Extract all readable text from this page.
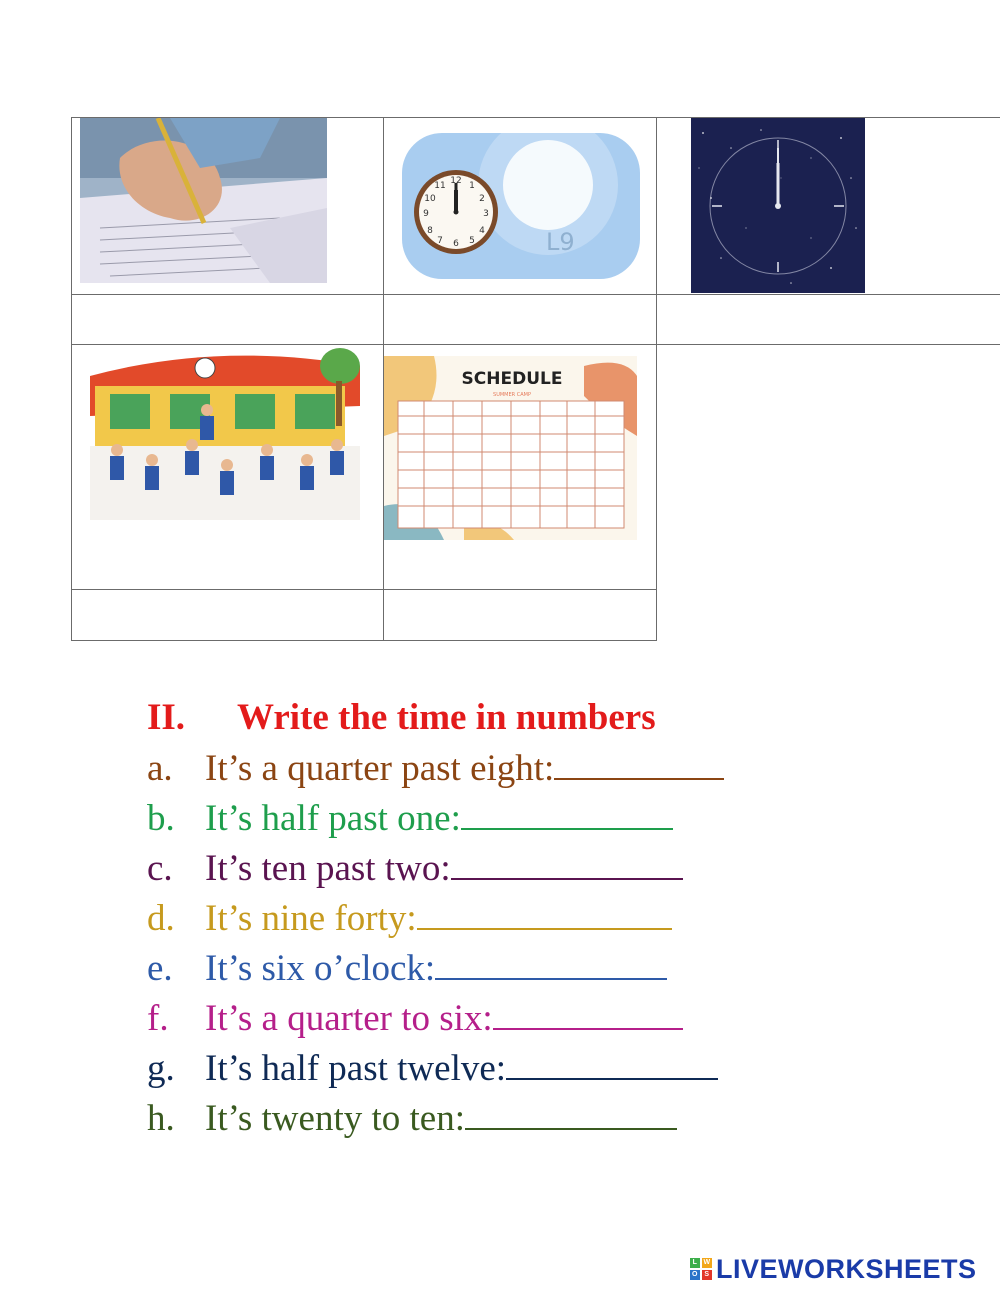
12
3
6
9
1
2
4
5
7
8
10
11
L9
SCHEDULE
SUMMER CAMP
II. Write the time in numbers
a. It’s a quarter past eight:
b. It’s half past one:
c. It’s ten past two:
d. It’s nine forty:
e. It’s six o’clock:
f. It’s a quarter to six:
g. It’s half past twelve:
h. It’s twenty to ten:
L W
O S LIVEWORKSHEETS
